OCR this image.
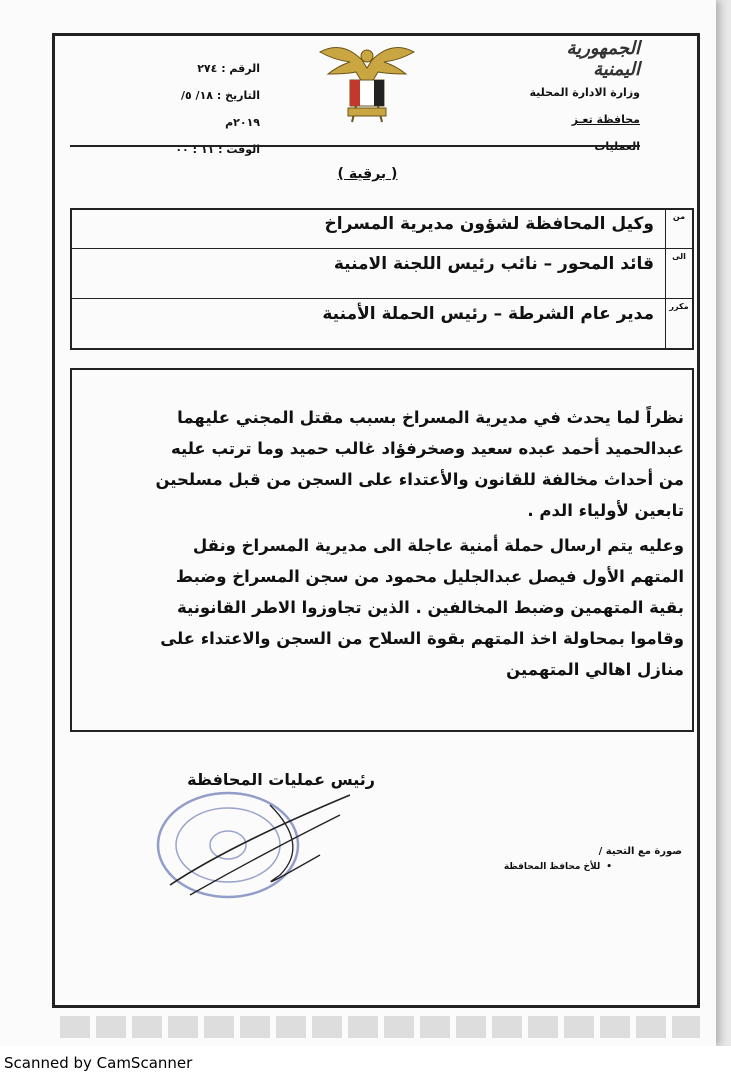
الجمهورية اليمنية
وزارة الادارة المحلية
محافظة تعـز
العمليات
الرقم : ٢٧٤
التاريخ : ١٨/ ٥/ ٢٠١٩م
الوقت : ١١ : ٠٠
( برقية )
من
وكيل المحافظة لشؤون مديرية المسراخ
الى
قائد المحور – نائب رئيس اللجنة الامنية
مكرر
مدير عام الشرطة – رئيس الحملة الأمنية
نظراً لما يحدث في مديرية المسراخ بسبب مقتل المجني عليهما
عبدالحميد أحمد عبده سعيد وصخرفؤاد غالب حميد وما ترتب عليه
من أحداث مخالفة للقانون والأعتداء على السجن من قبل مسلحين
تابعين لأولياء الدم .
وعليه يتم ارسال حملة أمنية عاجلة الى مديرية المسراخ ونقل
المتهم الأول فيصل عبدالجليل محمود من سجن المسراخ وضبط
بقية المتهمين وضبط المخالفين . الذين تجاوزوا الاطر القانونية
وقاموا بمحاولة اخذ المتهم بقوة السلاح من السجن والاعتداء على
منازل اهالي المتهمين
رئيس عمليات المحافظة
صورة مع التحية /
•للأخ محافظ المحافظة
Scanned by CamScanner
